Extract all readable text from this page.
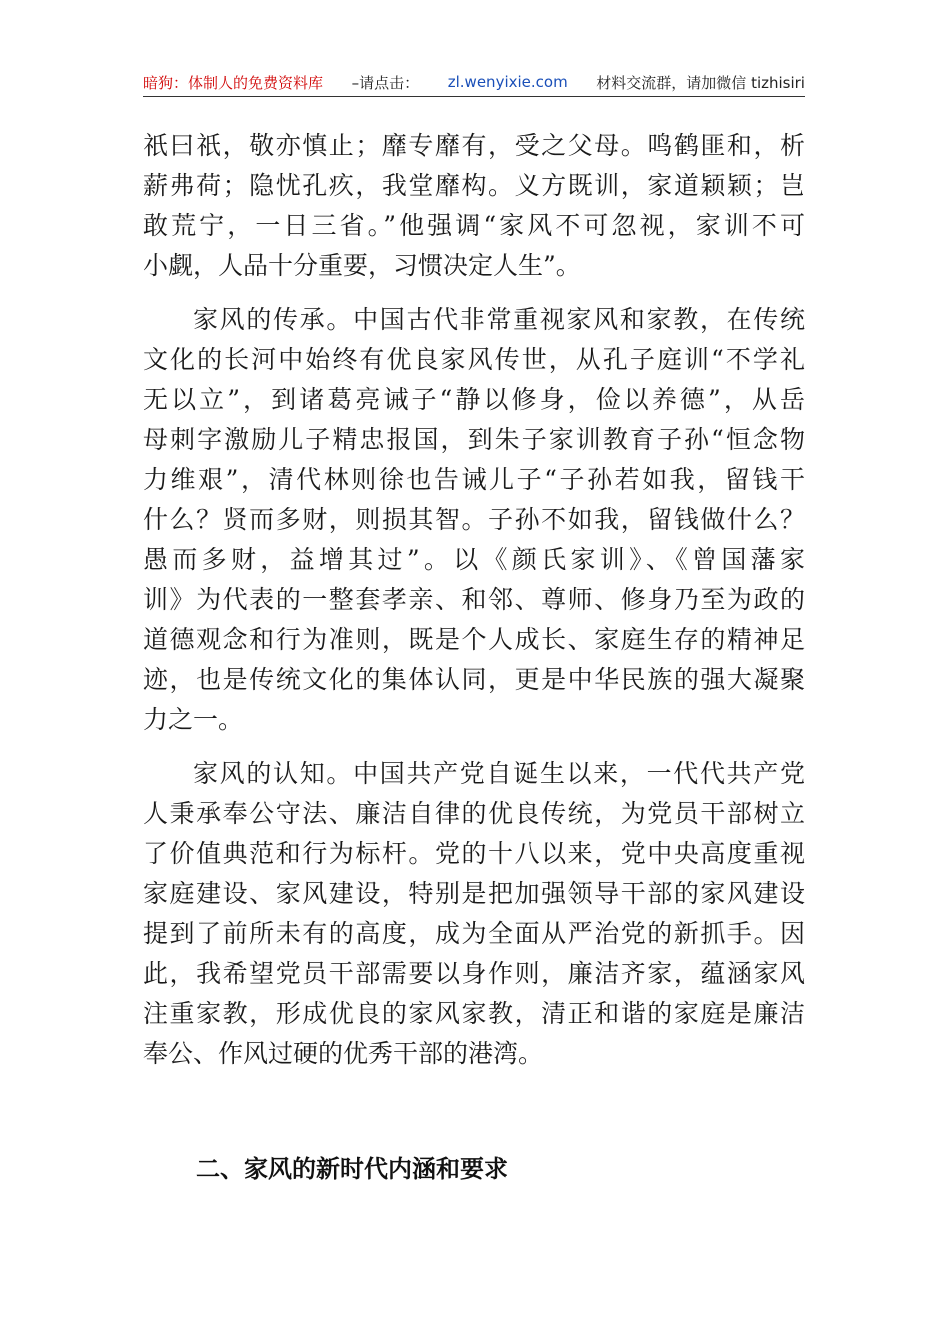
暗狗：体制人的免费资料库 –请点击： zl.wenyixie.com 材料交流群，请加微信 tizhisiri
祇曰祇，敬亦慎止；靡专靡有，受之父母。鸣鹤匪和，析
薪弗荷；隐忧孔疚，我堂靡构。义方既训，家道颖颖；岂
敢荒宁，一日三省。”他强调“家风不可忽视，家训不可
小觑，人品十分重要，习惯决定人生”。
家风的传承。中国古代非常重视家风和家教，在传统
文化的长河中始终有优良家风传世，从孔子庭训“不学礼
无以立”，到诸葛亮诫子“静以修身，俭以养德”，从岳
母刺字激励儿子精忠报国，到朱子家训教育子孙“恒念物
力维艰”，清代林则徐也告诫儿子“子孙若如我，留钱干
什么？贤而多财，则损其智。子孙不如我，留钱做什么？
愚而多财，益增其过”。以《颜氏家训》、《曾国藩家
训》为代表的一整套孝亲、和邻、尊师、修身乃至为政的
道德观念和行为准则，既是个人成长、家庭生存的精神足
迹，也是传统文化的集体认同，更是中华民族的强大凝聚
力之一。
家风的认知。中国共产党自诞生以来，一代代共产党
人秉承奉公守法、廉洁自律的优良传统，为党员干部树立
了价值典范和行为标杆。党的十八以来，党中央高度重视
家庭建设、家风建设，特别是把加强领导干部的家风建设
提到了前所未有的高度，成为全面从严治党的新抓手。因
此，我希望党员干部需要以身作则，廉洁齐家，蕴涵家风
注重家教，形成优良的家风家教，清正和谐的家庭是廉洁
奉公、作风过硬的优秀干部的港湾。
二、家风的新时代内涵和要求
